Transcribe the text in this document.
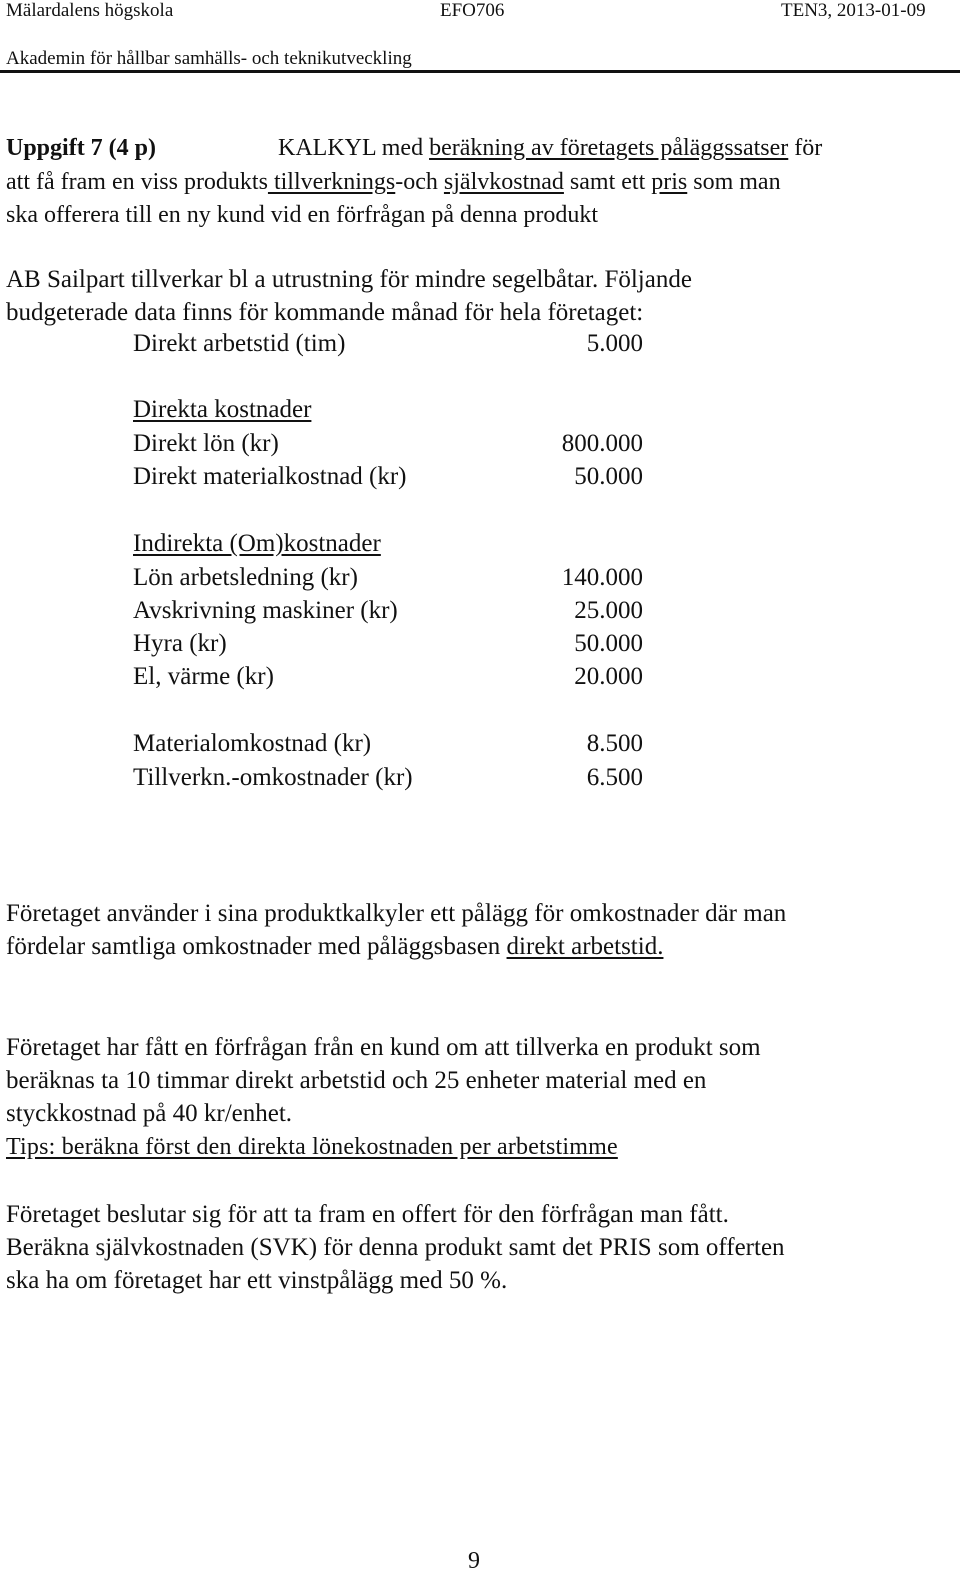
Mälardalens högskola	EFO706	TEN3, 2013-01-09
Akademin för hållbar samhälls- och teknikutveckling
Uppgift 7 (4 p)	KALKYL med beräkning av företagets påläggssatser för
att få fram en viss produkts tillverknings-och självkostnad samt ett pris som man
ska offerera till en ny kund vid en förfrågan på denna produkt
AB Sailpart tillverkar bl a utrustning för mindre segelbåtar. Följande
budgeterade data finns för kommande månad för hela företaget:
Direkt arbetstid (tim)	5.000
Direkta kostnader
Direkt lön (kr)	800.000
Direkt materialkostnad (kr)	50.000
Indirekta (Om)kostnader
Lön arbetsledning (kr)	140.000
Avskrivning maskiner (kr)	25.000
Hyra (kr)	50.000
El, värme (kr)	20.000
Materialomkostnad (kr)	8.500
Tillverkn.-omkostnader (kr)	6.500
Företaget använder i sina produktkalkyler ett pålägg för omkostnader där man
fördelar samtliga omkostnader med påläggsbasen direkt arbetstid.
Företaget har fått en förfrågan från en kund om att tillverka en produkt som
beräknas ta 10 timmar direkt arbetstid och 25 enheter material med en
styckkostnad på 40 kr/enhet.
Tips: beräkna först den direkta lönekostnaden per arbetstimme
Företaget beslutar sig för att ta fram en offert för den förfrågan man fått.
Beräkna självkostnaden (SVK) för denna produkt samt det PRIS som offerten
ska ha om företaget har ett vinstpålägg med 50 %.
9
